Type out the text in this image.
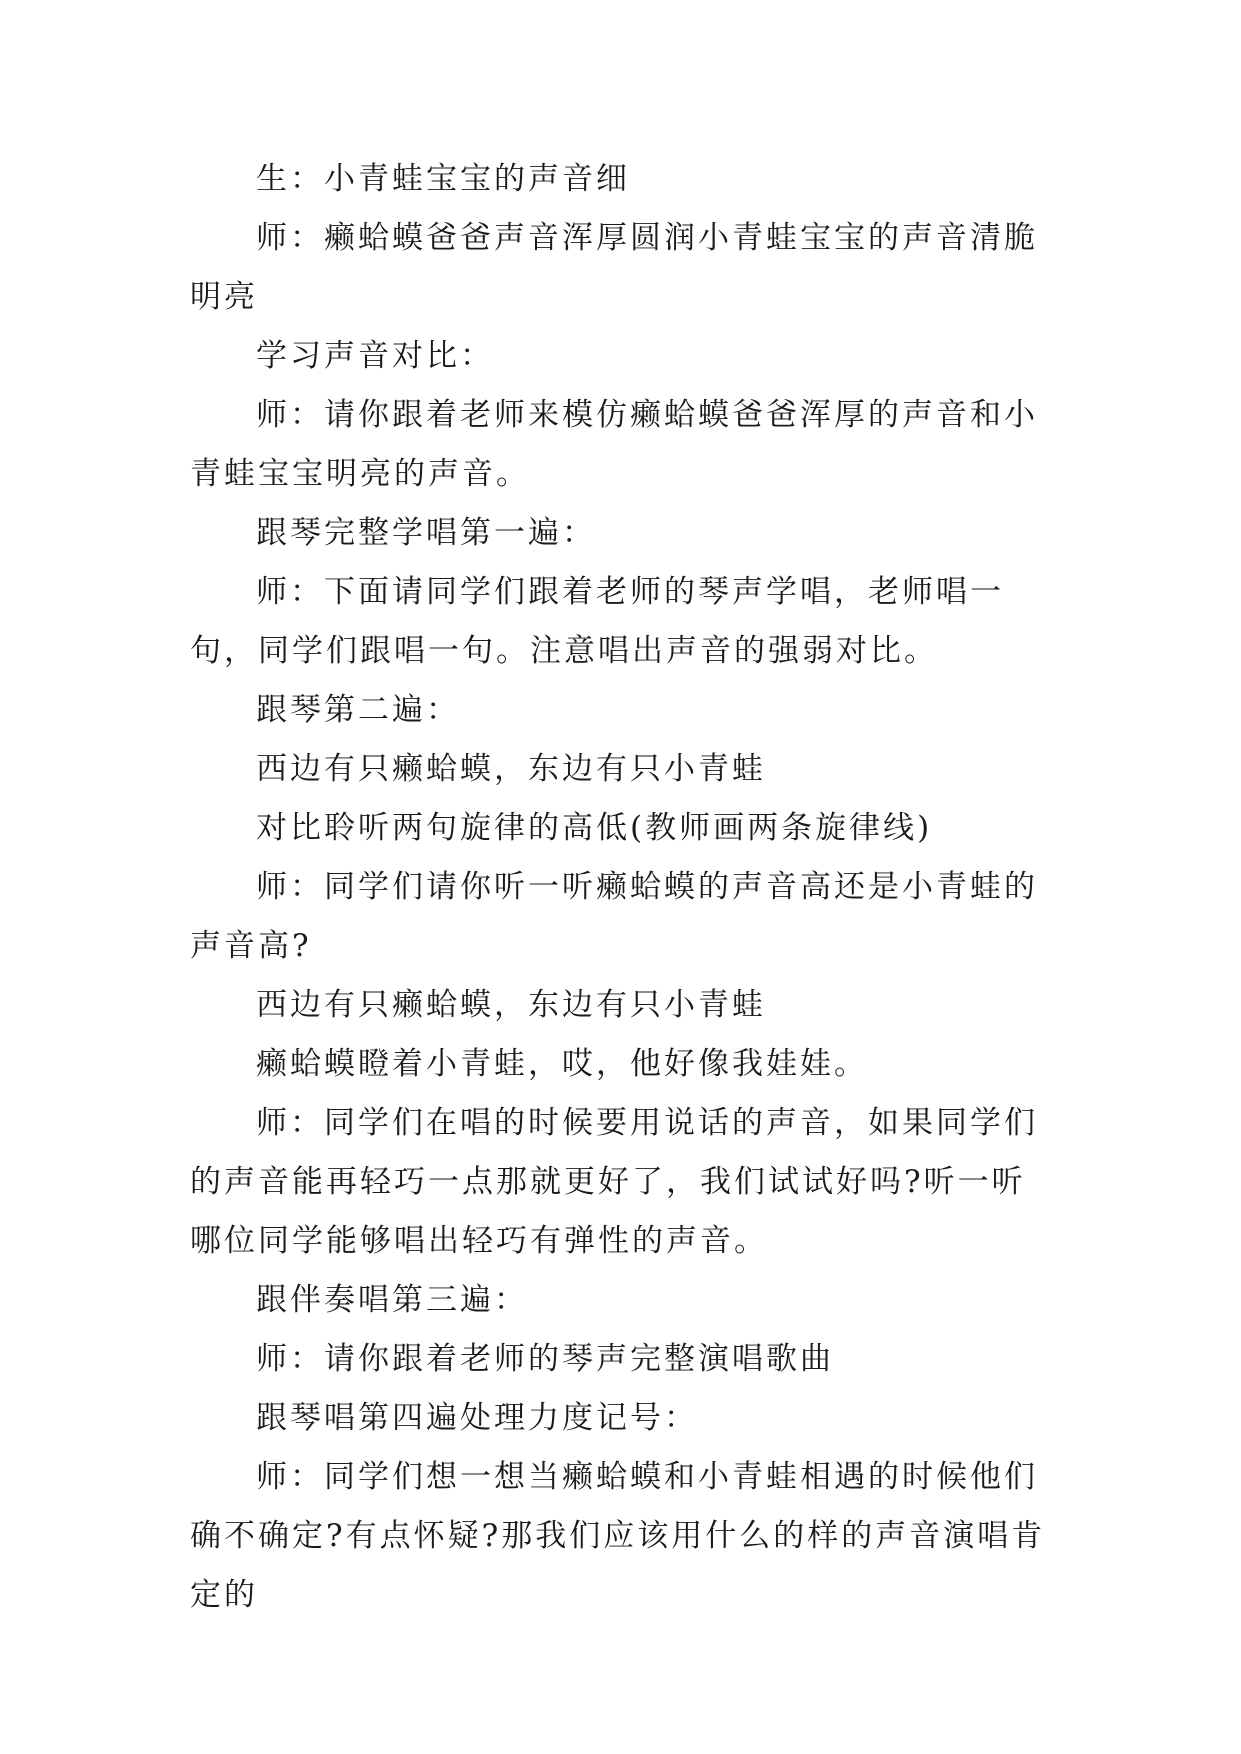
生：小青蛙宝宝的声音细

师：癞蛤蟆爸爸声音浑厚圆润小青蛙宝宝的声音清脆明亮

学习声音对比：

师：请你跟着老师来模仿癞蛤蟆爸爸浑厚的声音和小青蛙宝宝明亮的声音。

跟琴完整学唱第一遍：

师：下面请同学们跟着老师的琴声学唱，老师唱一句，同学们跟唱一句。注意唱出声音的强弱对比。

跟琴第二遍：

西边有只癞蛤蟆，东边有只小青蛙

对比聆听两句旋律的高低(教师画两条旋律线)

师：同学们请你听一听癞蛤蟆的声音高还是小青蛙的声音高?

西边有只癞蛤蟆，东边有只小青蛙

癞蛤蟆瞪着小青蛙，哎，他好像我娃娃。

师：同学们在唱的时候要用说话的声音，如果同学们的声音能再轻巧一点那就更好了，我们试试好吗?听一听哪位同学能够唱出轻巧有弹性的声音。

跟伴奏唱第三遍：

师：请你跟着老师的琴声完整演唱歌曲

跟琴唱第四遍处理力度记号：

师：同学们想一想当癞蛤蟆和小青蛙相遇的时候他们确不确定?有点怀疑?那我们应该用什么的样的声音演唱肯定的
